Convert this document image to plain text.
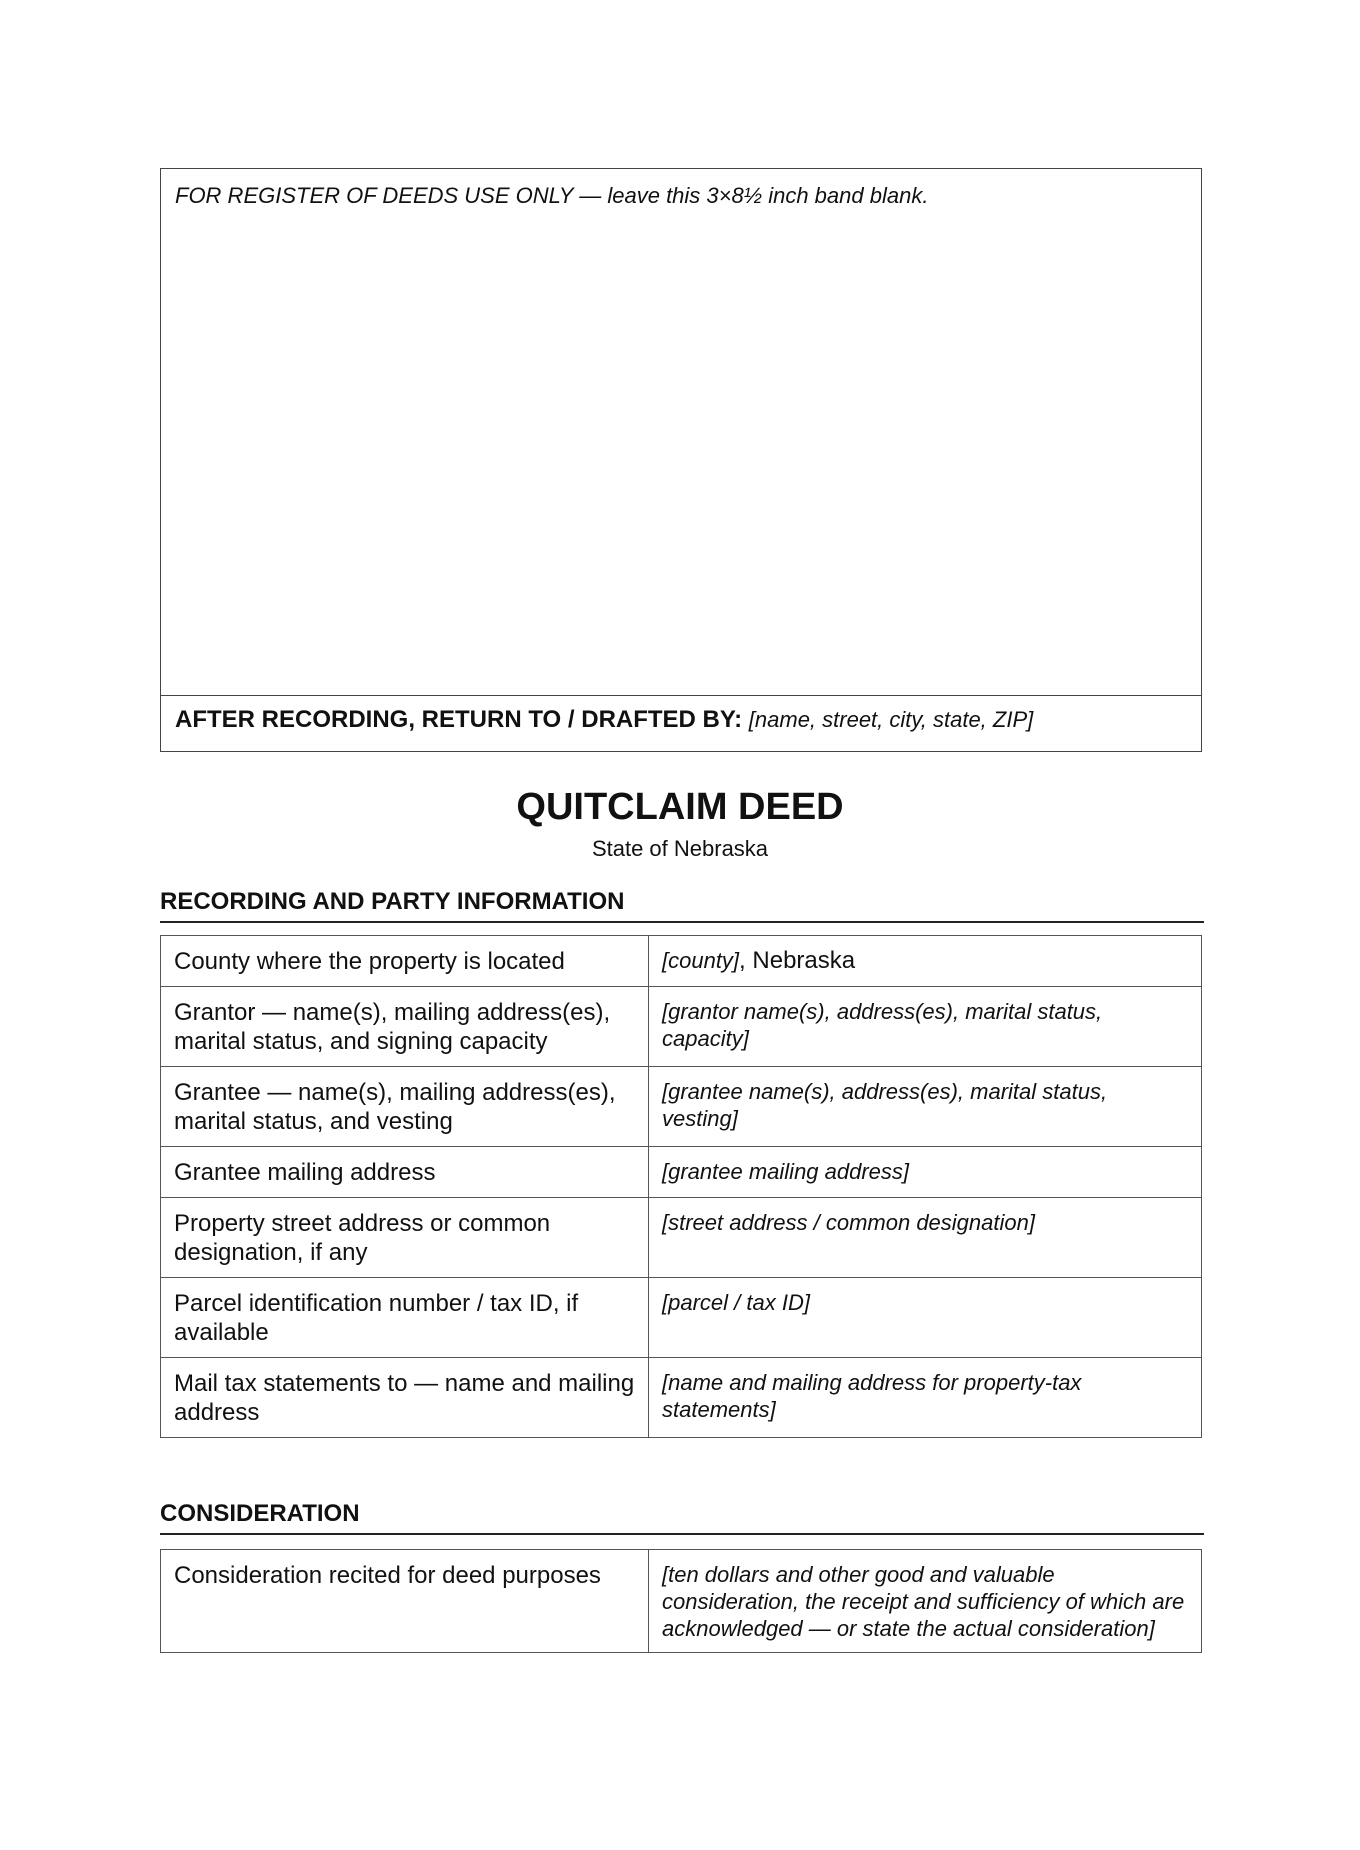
FOR REGISTER OF DEEDS USE ONLY — leave this 3×8½ inch band blank.
AFTER RECORDING, RETURN TO / DRAFTED BY: [name, street, city, state, ZIP]
QUITCLAIM DEED
State of Nebraska
RECORDING AND PARTY INFORMATION
County where the property is located	[county], Nebraska
Grantor — name(s), mailing address(es), marital status, and signing capacity	[grantor name(s), address(es), marital status, capacity]
Grantee — name(s), mailing address(es), marital status, and vesting	[grantee name(s), address(es), marital status, vesting]
Grantee mailing address	[grantee mailing address]
Property street address or common designation, if any	[street address / common designation]
Parcel identification number / tax ID, if available	[parcel / tax ID]
Mail tax statements to — name and mailing address	[name and mailing address for property-tax statements]
CONSIDERATION
Consideration recited for deed purposes	[ten dollars and other good and valuable consideration, the receipt and sufficiency of which are acknowledged — or state the actual consideration]
